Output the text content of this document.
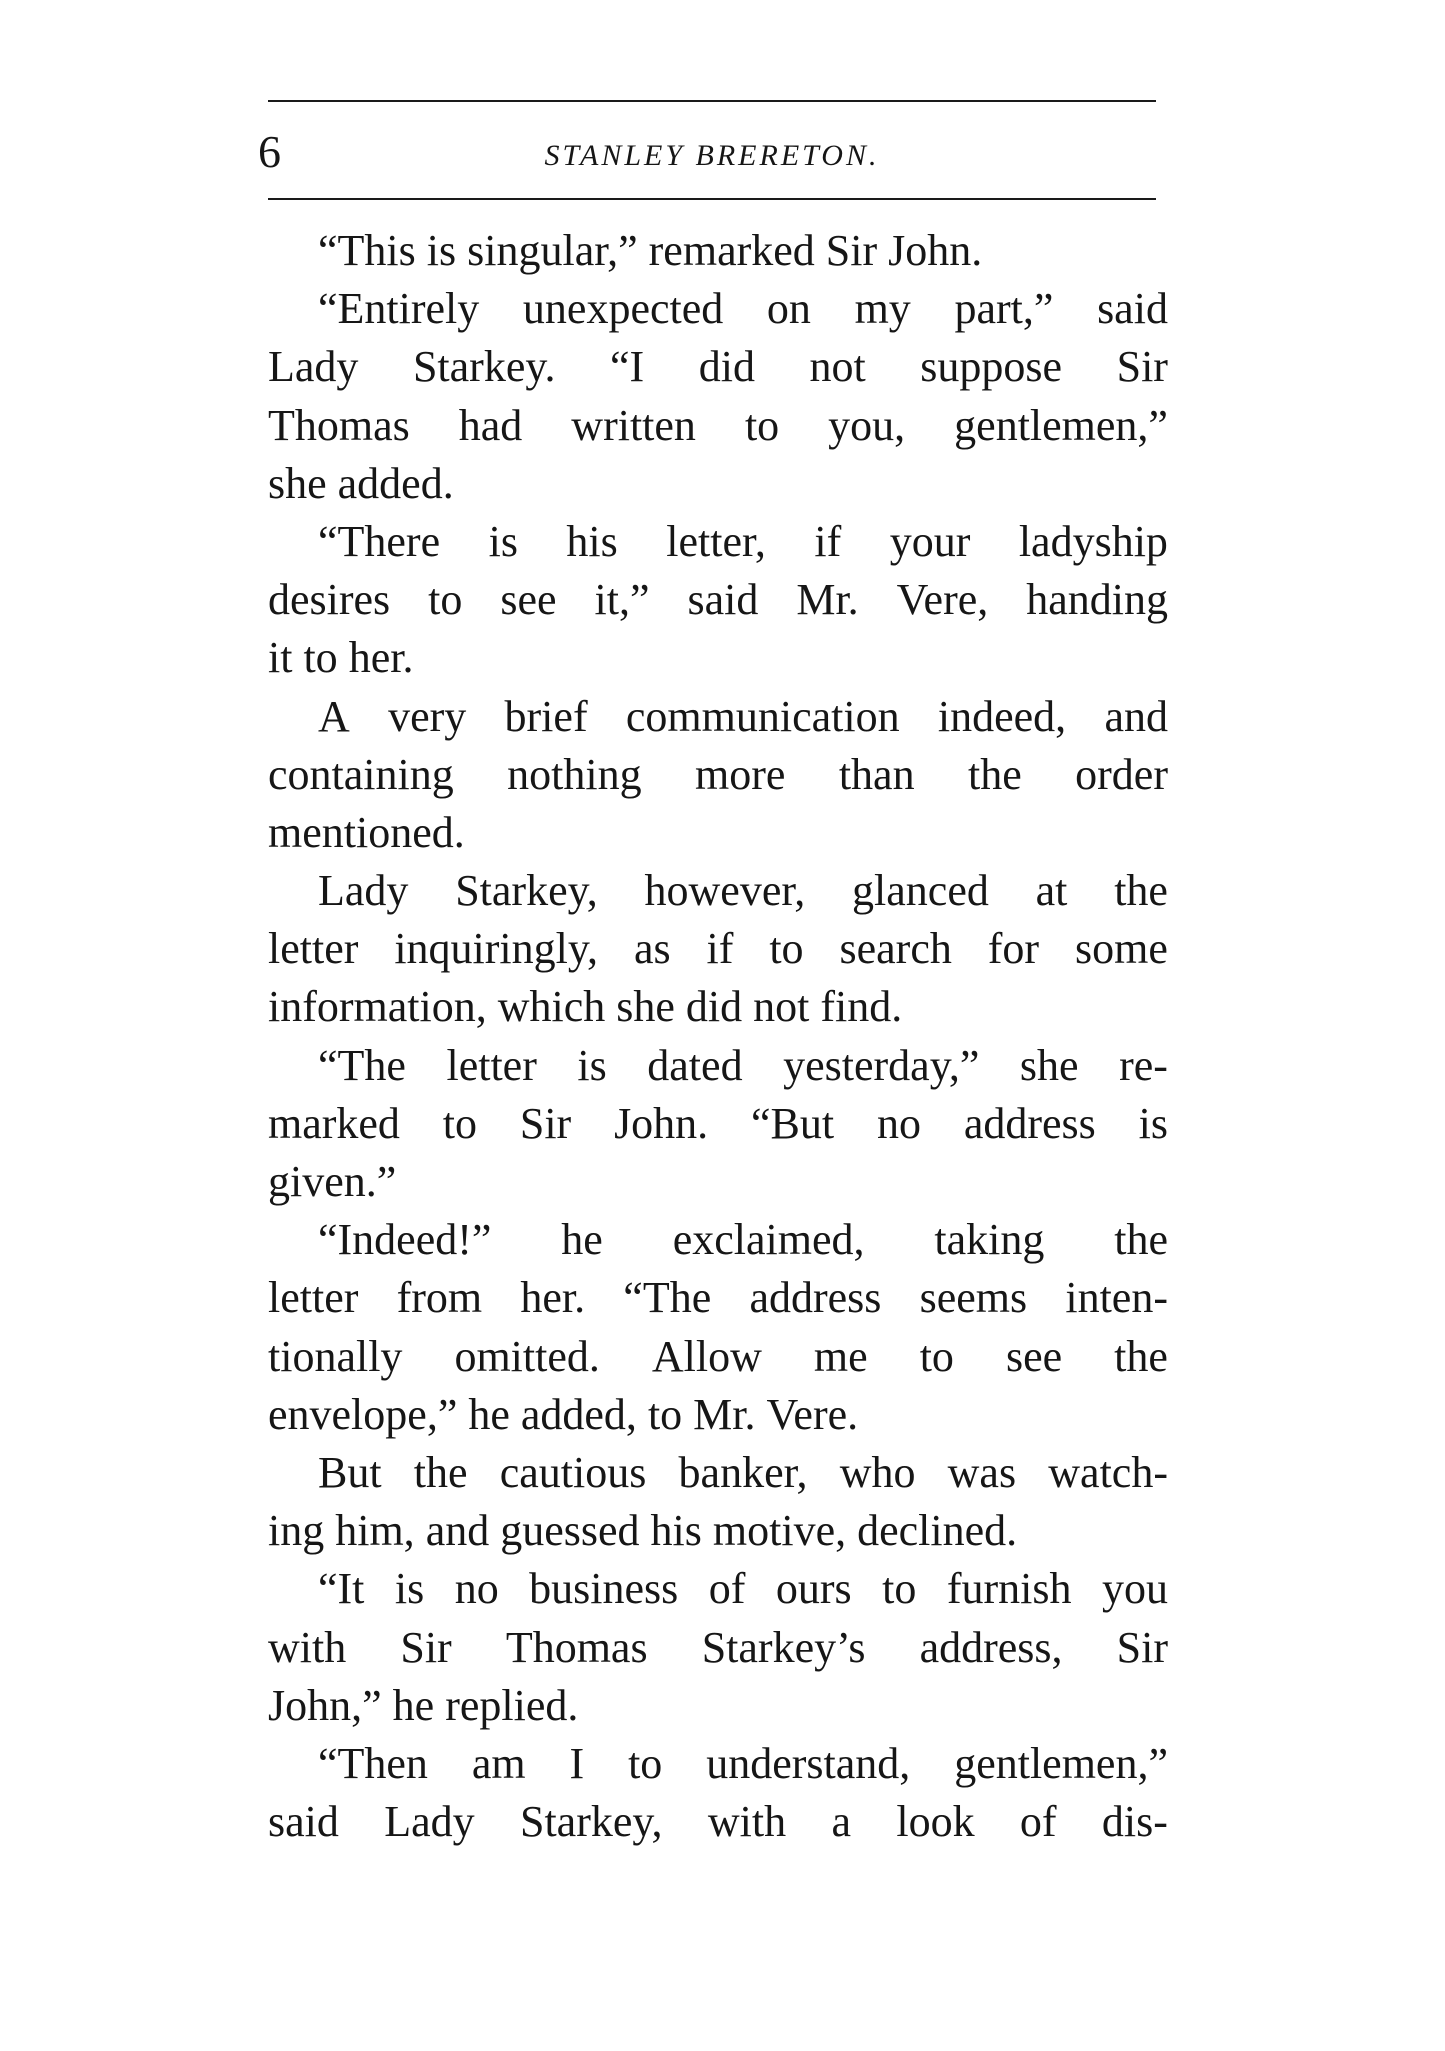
6	STANLEY BRERETON.
“This is singular,” remarked Sir John.
“Entirely unexpected on my part,” said
Lady Starkey. “I did not suppose Sir
Thomas had written to you, gentlemen,”
she added.
“There is his letter, if your ladyship
desires to see it,” said Mr. Vere, handing
it to her.
A very brief communication indeed, and
containing nothing more than the order
mentioned.
Lady Starkey, however, glanced at the
letter inquiringly, as if to search for some
information, which she did not find.
“The letter is dated yesterday,” she re-
marked to Sir John. “But no address is
given.”
“Indeed!” he exclaimed, taking the
letter from her. “The address seems inten-
tionally omitted. Allow me to see the
envelope,” he added, to Mr. Vere.
But the cautious banker, who was watch-
ing him, and guessed his motive, declined.
“It is no business of ours to furnish you
with Sir Thomas Starkey’s address, Sir
John,” he replied.
“Then am I to understand, gentlemen,”
said Lady Starkey, with a look of dis-
